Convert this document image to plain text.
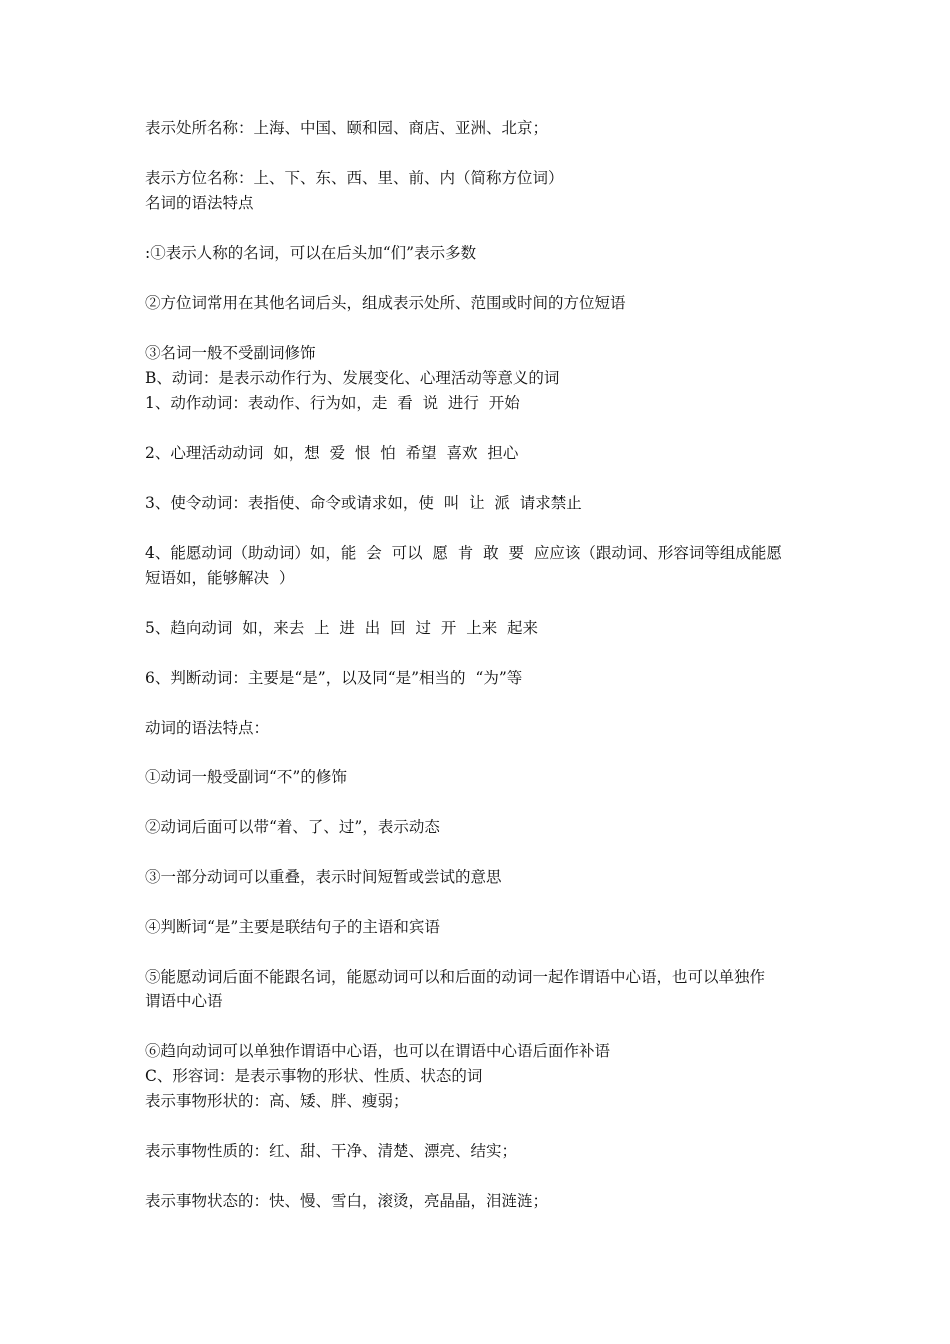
表示处所名称：上海、中国、颐和园、商店、亚洲、北京；
表示方位名称：上、下、东、西、里、前、内（简称方位词）
名词的语法特点
:①表示人称的名词，可以在后头加“们”表示多数
②方位词常用在其他名词后头，组成表示处所、范围或时间的方位短语
③名词一般不受副词修饰
B、动词：是表示动作行为、发展变化、心理活动等意义的词
1、动作动词：表动作、行为如，走  看  说  进行  开始
2、心理活动动词  如，想  爱  恨  怕  希望  喜欢  担心
3、使令动词：表指使、命令或请求如，使  叫  让  派  请求禁止
4、能愿动词（助动词）如，能  会  可以  愿  肯  敢  要  应应该（跟动词、形容词等组成能愿
短语如，能够解决  ）
5、趋向动词  如，来去  上  进  出  回  过  开  上来  起来
6、判断动词：主要是“是”，以及同“是”相当的  “为”等
动词的语法特点：
①动词一般受副词“不”的修饰
②动词后面可以带“着、了、过”，表示动态
③一部分动词可以重叠，表示时间短暂或尝试的意思
④判断词“是”主要是联结句子的主语和宾语
⑤能愿动词后面不能跟名词，能愿动词可以和后面的动词一起作谓语中心语，也可以单独作
谓语中心语
⑥趋向动词可以单独作谓语中心语，也可以在谓语中心语后面作补语
C、形容词：是表示事物的形状、性质、状态的词
表示事物形状的：高、矮、胖、瘦弱；
表示事物性质的：红、甜、干净、清楚、漂亮、结实；
表示事物状态的：快、慢、雪白，滚烫，亮晶晶，泪涟涟；
